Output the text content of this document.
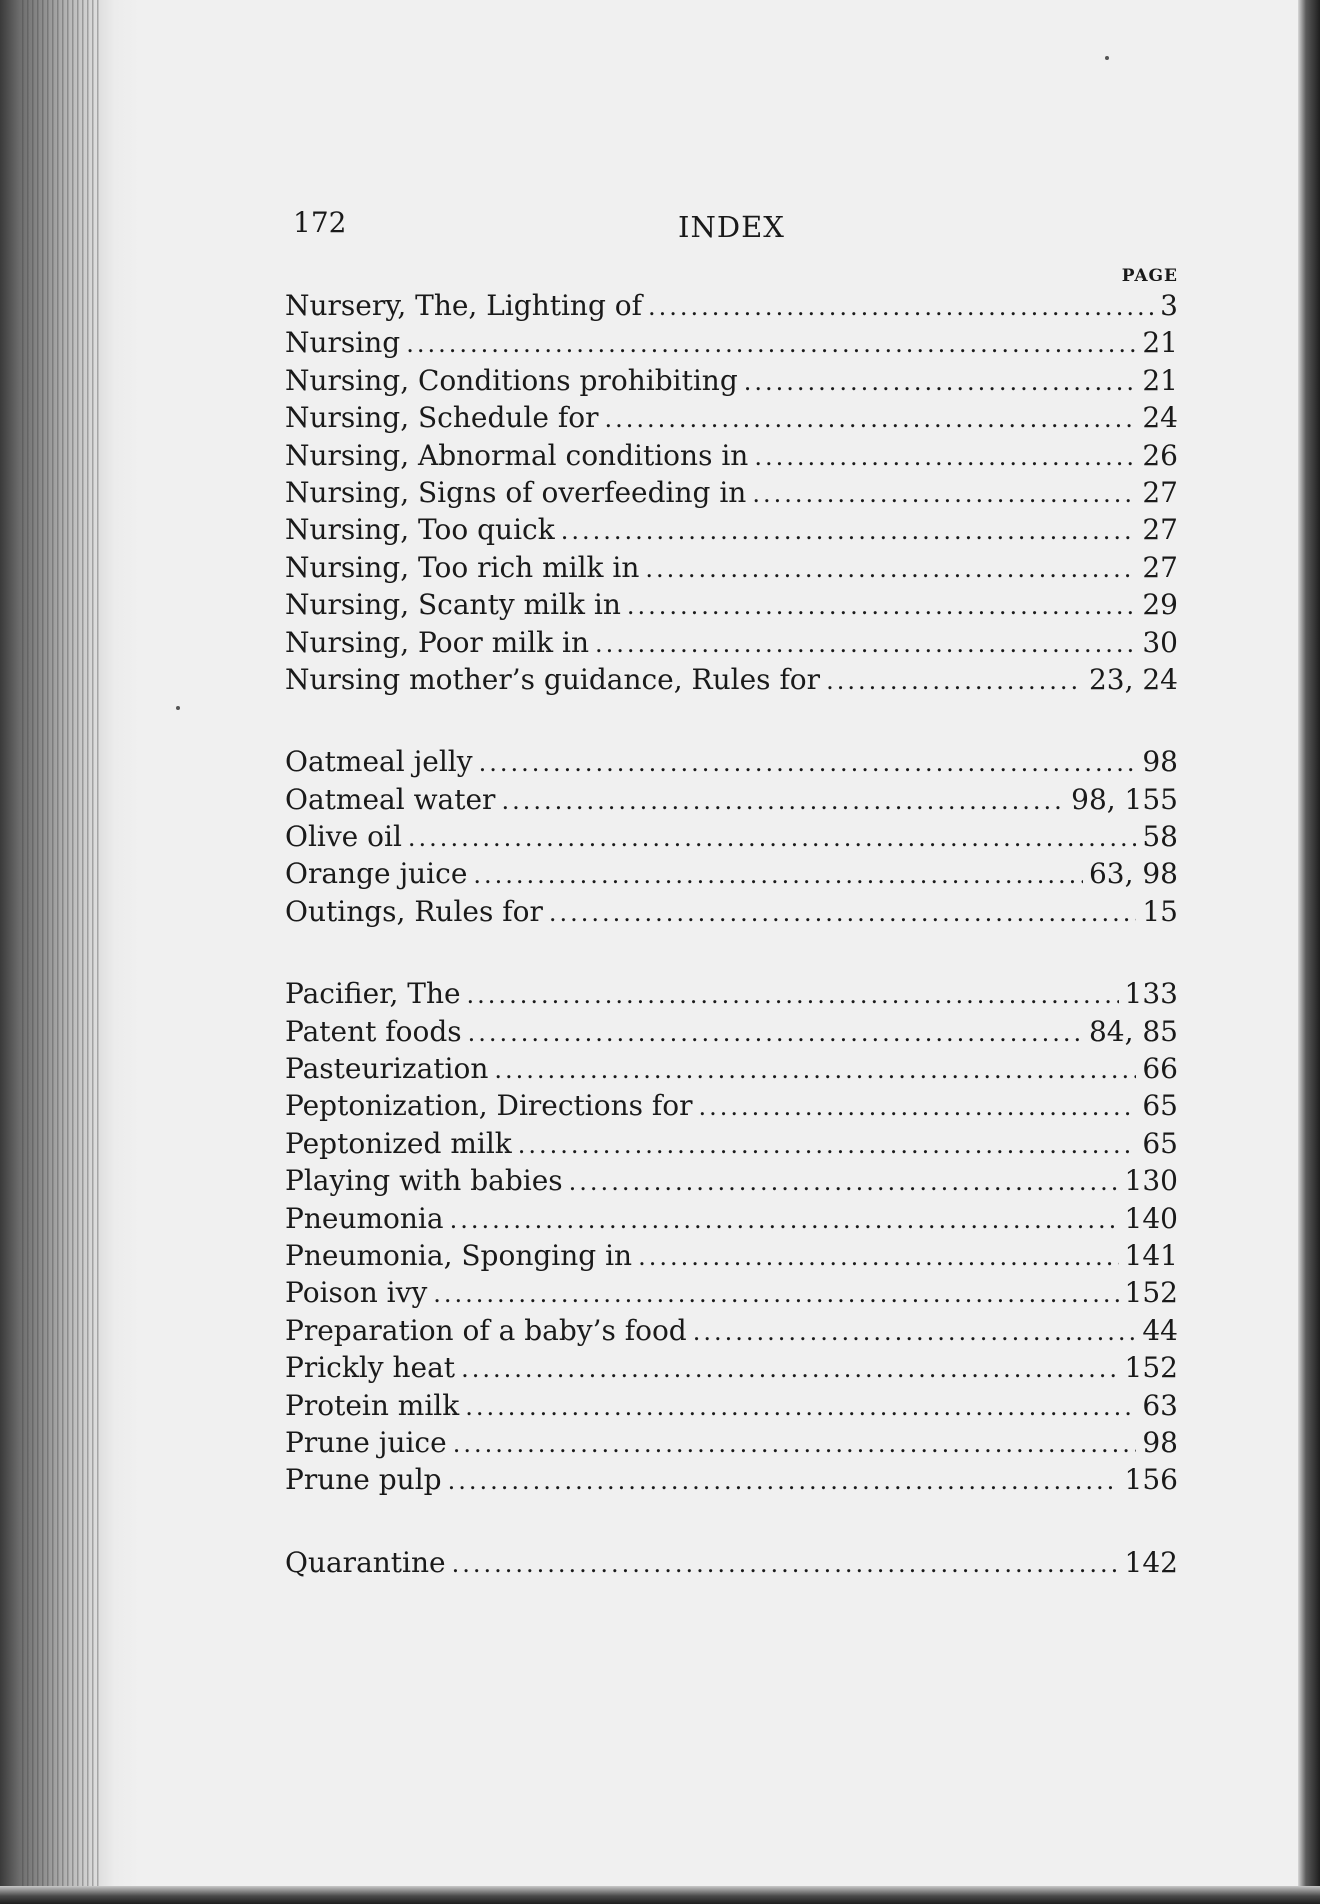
172	INDEX
PAGE
Nursery, The, Lighting of .....	3
Nursing .....	21
Nursing, Conditions prohibiting .....	21
Nursing, Schedule for .....	24
Nursing, Abnormal conditions in .....	26
Nursing, Signs of overfeeding in .....	27
Nursing, Too quick .....	27
Nursing, Too rich milk in .....	27
Nursing, Scanty milk in .....	29
Nursing, Poor milk in .....	30
Nursing mother’s guidance, Rules for .....	23, 24
Oatmeal jelly .....	98
Oatmeal water .....	98, 155
Olive oil .....	58
Orange juice .....	63, 98
Outings, Rules for .....	15
Pacifier, The .....	133
Patent foods .....	84, 85
Pasteurization .....	66
Peptonization, Directions for .....	65
Peptonized milk .....	65
Playing with babies .....	130
Pneumonia .....	140
Pneumonia, Sponging in .....	141
Poison ivy .....	152
Preparation of a baby’s food .....	44
Prickly heat .....	152
Protein milk .....	63
Prune juice .....	98
Prune pulp .....	156
Quarantine .....	142
